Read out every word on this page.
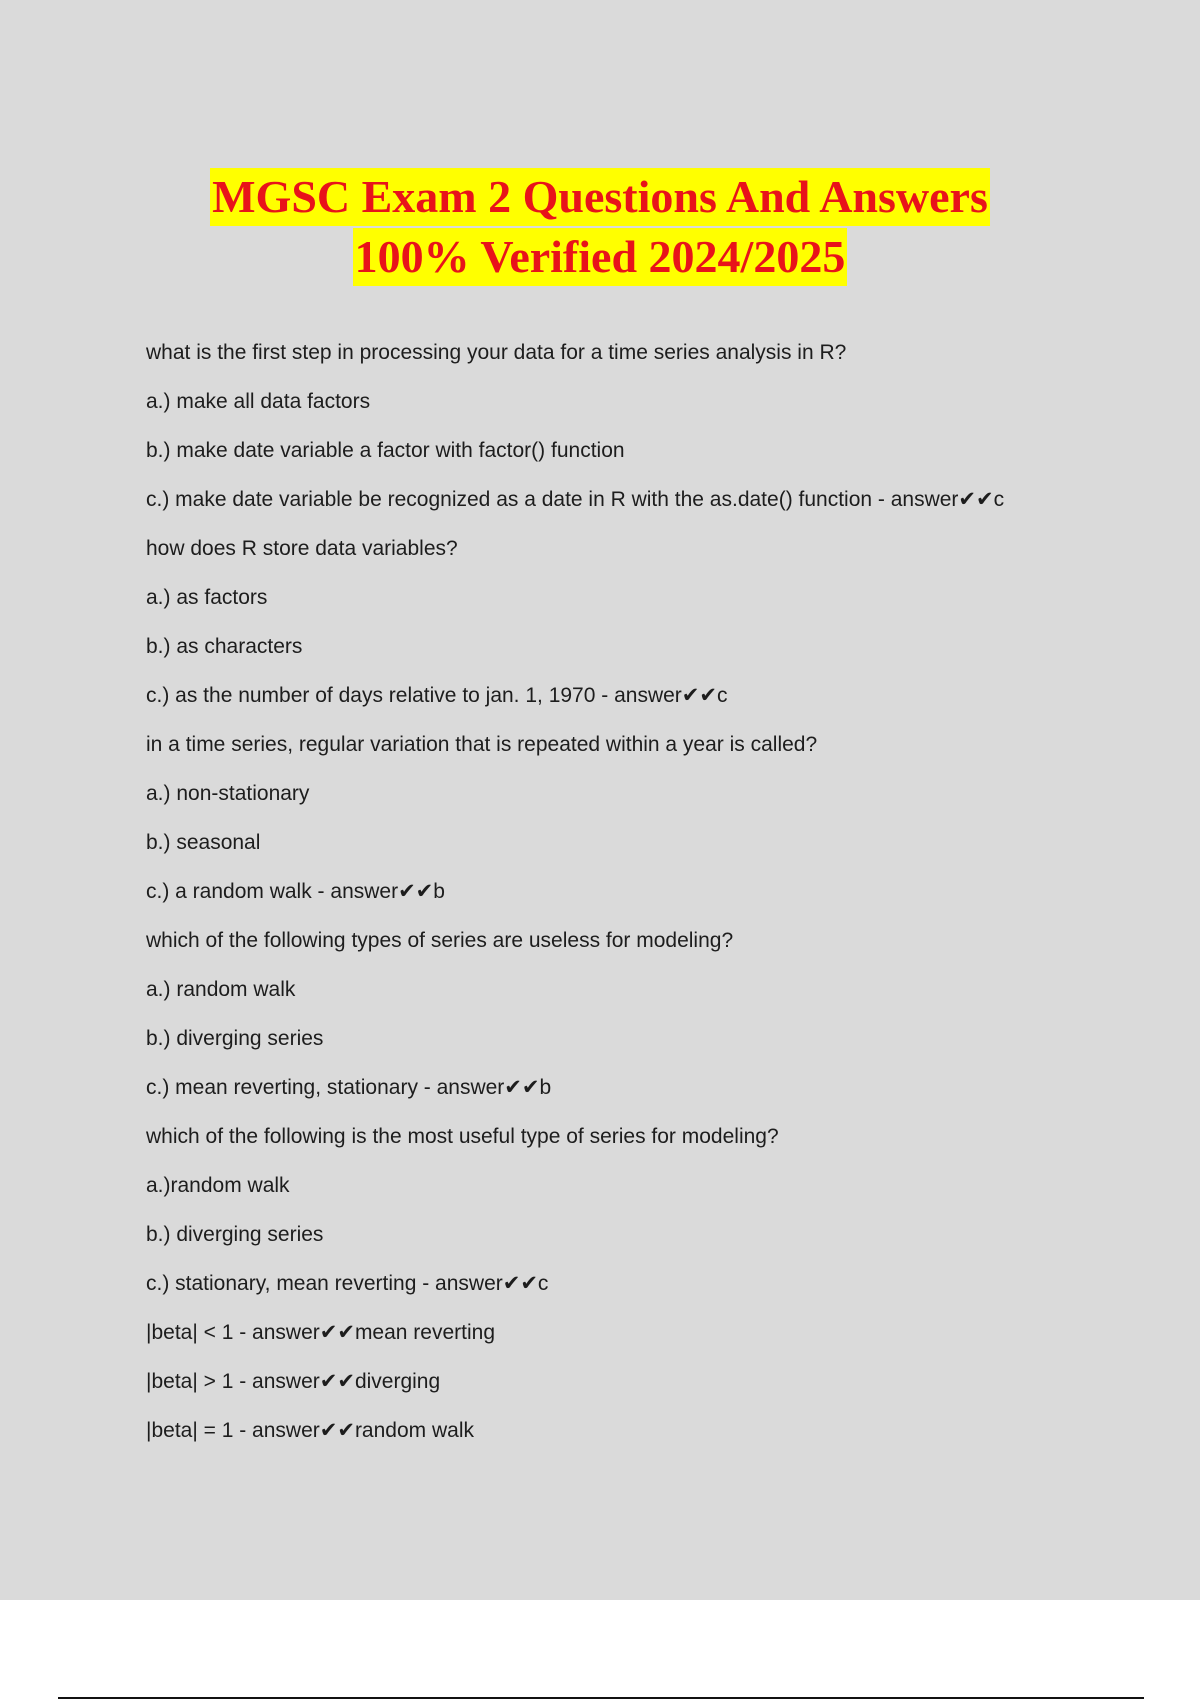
MGSC Exam 2 Questions And Answers
100% Verified 2024/2025
what is the first step in processing your data for a time series analysis in R?
a.) make all data factors
b.) make date variable a factor with factor() function
c.) make date variable be recognized as a date in R with the as.date() function - answer✔✔c
how does R store data variables?
a.) as factors
b.) as characters
c.) as the number of days relative to jan. 1, 1970 - answer✔✔c
in a time series, regular variation that is repeated within a year is called?
a.) non-stationary
b.) seasonal
c.) a random walk - answer✔✔b
which of the following types of series are useless for modeling?
a.) random walk
b.) diverging series
c.) mean reverting, stationary - answer✔✔b
which of the following is the most useful type of series for modeling?
a.)random walk
b.) diverging series
c.) stationary, mean reverting - answer✔✔c
|beta| < 1 - answer✔✔mean reverting
|beta| > 1 - answer✔✔diverging
|beta| = 1 - answer✔✔random walk
